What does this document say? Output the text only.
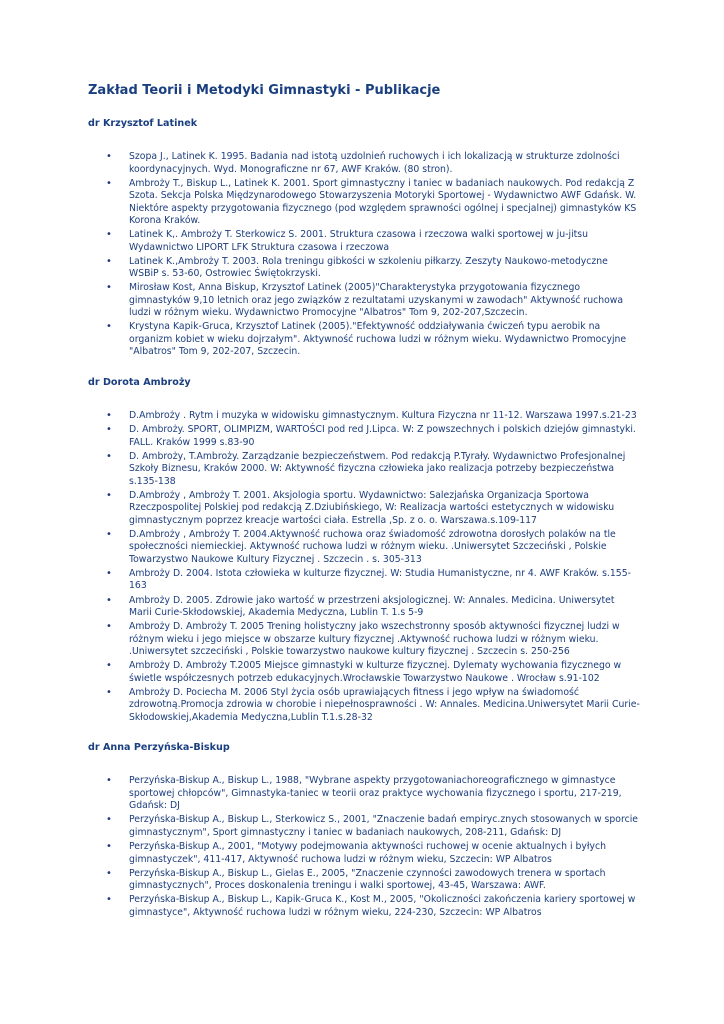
Zakład Teorii i Metodyki Gimnastyki - Publikacje
dr Krzysztof Latinek
• Szopa J., Latinek K. 1995. Badania nad istotą uzdolnień ruchowych i ich lokalizacją w strukturze zdolności koordynacyjnych. Wyd. Monograficzne nr 67, AWF Kraków. (80 stron).
• Ambroży T., Biskup L., Latinek K. 2001. Sport gimnastyczny i taniec w badaniach naukowych. Pod redakcją Z Szota. Sekcja Polska Międzynarodowego Stowarzyszenia Motoryki Sportowej - Wydawnictwo AWF Gdańsk. W. Niektóre aspekty przygotowania fizycznego (pod względem sprawności ogólnej i specjalnej) gimnastyków KS Korona Kraków.
• Latinek K,. Ambroży T. Sterkowicz S. 2001. Struktura czasowa i rzeczowa walki sportowej w ju-jitsu Wydawnictwo LIPORT LFK Struktura czasowa i rzeczowa
• Latinek K.,Ambroży T. 2003. Rola treningu gibkości w szkoleniu piłkarzy. Zeszyty Naukowo-metodyczne WSBiP s. 53-60, Ostrowiec Świętokrzyski.
• Mirosław Kost, Anna Biskup, Krzysztof Latinek (2005)"Charakterystyka przygotowania fizycznego gimnastyków 9,10 letnich oraz jego związków z rezultatami uzyskanymi w zawodach" Aktywność ruchowa ludzi w różnym wieku. Wydawnictwo Promocyjne "Albatros" Tom 9, 202-207,Szczecin.
• Krystyna Kapik-Gruca, Krzysztof Latinek (2005)."Efektywność oddziaływania ćwiczeń typu aerobik na organizm kobiet w wieku dojrzałym". Aktywność ruchowa ludzi w różnym wieku. Wydawnictwo Promocyjne "Albatros" Tom 9, 202-207, Szczecin.
dr Dorota Ambroży
• D.Ambroży . Rytm i muzyka w widowisku gimnastycznym. Kultura Fizyczna nr 11-12. Warszawa 1997.s.21-23
• D. Ambroży. SPORT, OLIMPIZM, WARTOŚCI pod red J.Lipca. W: Z powszechnych i polskich dziejów gimnastyki. FALL. Kraków 1999 s.83-90
• D. Ambroży, T.Ambroży. Zarządzanie bezpieczeństwem. Pod redakcją P.Tyrały. Wydawnictwo Profesjonalnej Szkoły Biznesu, Kraków 2000. W: Aktywność fizyczna człowieka jako realizacja potrzeby bezpieczeństwa s.135-138
• D.Ambroży , Ambroży T. 2001. Aksjologia sportu. Wydawnictwo: Salezjańska Organizacja Sportowa Rzeczpospolitej Polskiej pod redakcją Z.Dziubińskiego, W: Realizacja wartości estetycznych w widowisku gimnastycznym poprzez kreacje wartości ciała. Estrella ,Sp. z o. o. Warszawa.s.109-117
• D.Ambroży , Ambroży T. 2004.Aktywność ruchowa oraz świadomość zdrowotna dorosłych polaków na tle społeczności niemieckiej. Aktywność ruchowa ludzi w różnym wieku. .Uniwersytet Szczeciński , Polskie Towarzystwo Naukowe Kultury Fizycznej . Szczecin . s. 305-313
• Ambroży D. 2004. Istota człowieka w kulturze fizycznej. W: Studia Humanistyczne, nr 4. AWF Kraków. s.155-163
• Ambroży D. 2005. Zdrowie jako wartość w przestrzeni aksjologicznej. W: Annales. Medicina. Uniwersytet Marii Curie-Skłodowskiej, Akademia Medyczna, Lublin T. 1.s 5-9
• Ambroży D. Ambroży T. 2005 Trening holistyczny jako wszechstronny sposób aktywności fizycznej ludzi w różnym wieku i jego miejsce w obszarze kultury fizycznej .Aktywność ruchowa ludzi w różnym wieku. .Uniwersytet szczeciński , Polskie towarzystwo naukowe kultury fizycznej . Szczecin s. 250-256
• Ambroży D. Ambroży T.2005 Miejsce gimnastyki w kulturze fizycznej. Dylematy wychowania fizycznego w świetle współczesnych potrzeb edukacyjnych.Wrocławskie Towarzystwo Naukowe . Wrocław s.91-102
• Ambroży D. Pociecha M. 2006 Styl życia osób uprawiających fitness i jego wpływ na świadomość zdrowotną.Promocja zdrowia w chorobie i niepełnosprawności . W: Annales. Medicina.Uniwersytet Marii Curie-Skłodowskiej,Akademia Medyczna,Lublin T.1.s.28-32
dr Anna Perzyńska-Biskup
• Perzyńska-Biskup A., Biskup L., 1988, "Wybrane aspekty przygotowaniachoreograficznego w gimnastyce sportowej chłopców", Gimnastyka-taniec w teorii oraz praktyce wychowania fizycznego i sportu, 217-219, Gdańsk: DJ
• Perzyńska-Biskup A., Biskup L., Sterkowicz S., 2001, "Znaczenie badań empiryc.znych stosowanych w sporcie gimnastycznym", Sport gimnastyczny i taniec w badaniach naukowych, 208-211, Gdańsk: DJ
• Perzyńska-Biskup A., 2001, "Motywy podejmowania aktywności ruchowej w ocenie aktualnych i byłych gimnastyczek", 411-417, Aktywność ruchowa ludzi w różnym wieku, Szczecin: WP Albatros
• Perzyńska-Biskup A., Biskup L., Gielas E., 2005, "Znaczenie czynności zawodowych trenera w sportach gimnastycznych", Proces doskonalenia treningu i walki sportowej, 43-45, Warszawa: AWF.
• Perzyńska-Biskup A., Biskup L., Kapik-Gruca K., Kost M., 2005, "Okoliczności zakończenia kariery sportowej w gimnastyce", Aktywność ruchowa ludzi w różnym wieku, 224-230, Szczecin: WP Albatros
